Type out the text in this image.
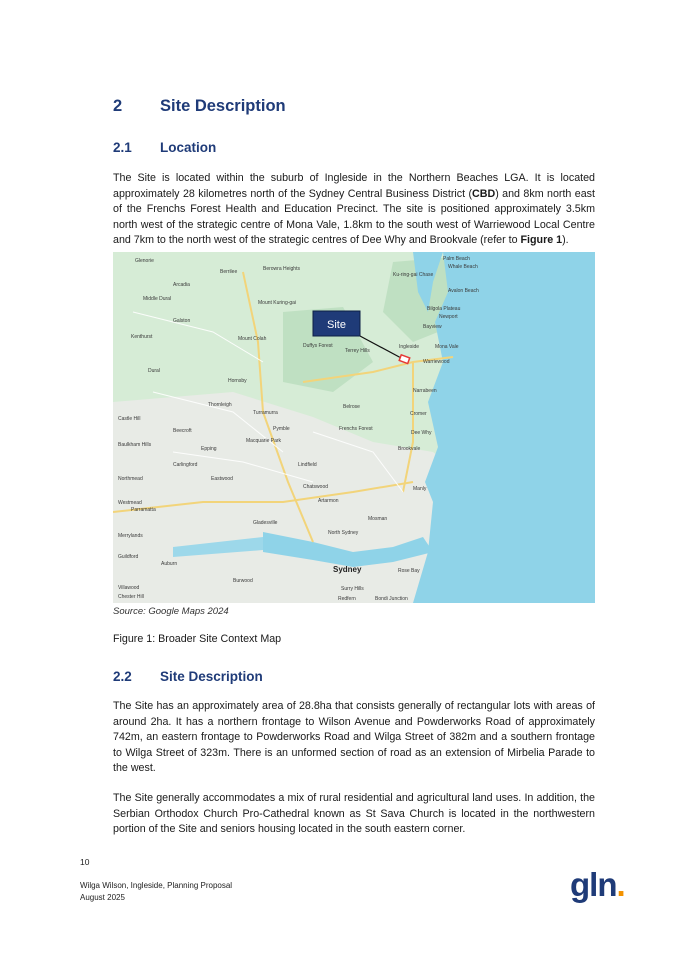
2 Site Description
2.1 Location

The Site is located within the suburb of Ingleside in the Northern Beaches LGA. It is located approximately 28 kilometres north of the Sydney Central Business District (CBD) and 8km north east of the Frenchs Forest Health and Education Precinct. The site is positioned approximately 3.5km north west of the strategic centre of Mona Vale, 1.8km to the south west of Warriewood Local Centre and 7km to the north west of the strategic centres of Dee Why and Brookvale (refer to Figure 1).

Site
Glenorie
Arcadia
Berrilee	Berowra Heights
Ku-ring-gai Chase
Palm Beach
Whale Beach
Avalon Beach
Middle Dural
Galston
Mount Kuring-gai
Bilgola Plateau
Newport
Kenthurst	Mount Colah
Bayview
Duffys Forest
Terrey Hills
Ingleside	Mona Vale
Warriewood
Dural
Hornsby
Narrabeen
Thornleigh	Belrose
Turramurra
Castle Hill
Pymble
Cromer
Dee Why
Frenchs Forest
Beecroft
Epping
Macquarie Park
Lindfield
Brookvale
Northmead	Eastwood
Chatswood	Manly
Westmead
Parramatta
Artarmon
Mosman
Merrylands
Gladesville
North Sydney
Auburn
Sydney
Guildford
Burwood
Villawood
Chester Hill
Rose Bay
Surry Hills
Redfern	Bondi Junction
Baulkham Hills
Carlingford
Source: Google Maps 2024
Figure 1: Broader Site Context Map
2.2 Site Description

The Site has an approximately area of 28.8ha that consists generally of rectangular lots with areas of around 2ha. It has a northern frontage to Wilson Avenue and Powderworks Road of approximately 742m, an eastern frontage to Powderworks Road and Wilga Street of 382m and a southern frontage to Wilga Street of 323m. There is an unformed section of road as an extension of Mirbelia Parade to the west.

The Site generally accommodates a mix of rural residential and agricultural land uses. In addition, the Serbian Orthodox Church Pro-Cathedral known as St Sava Church is located in the northwestern portion of the Site and seniors housing located in the south eastern corner.

10
Wilga Wilson, Ingleside, Planning Proposal
August 2025	gln.
